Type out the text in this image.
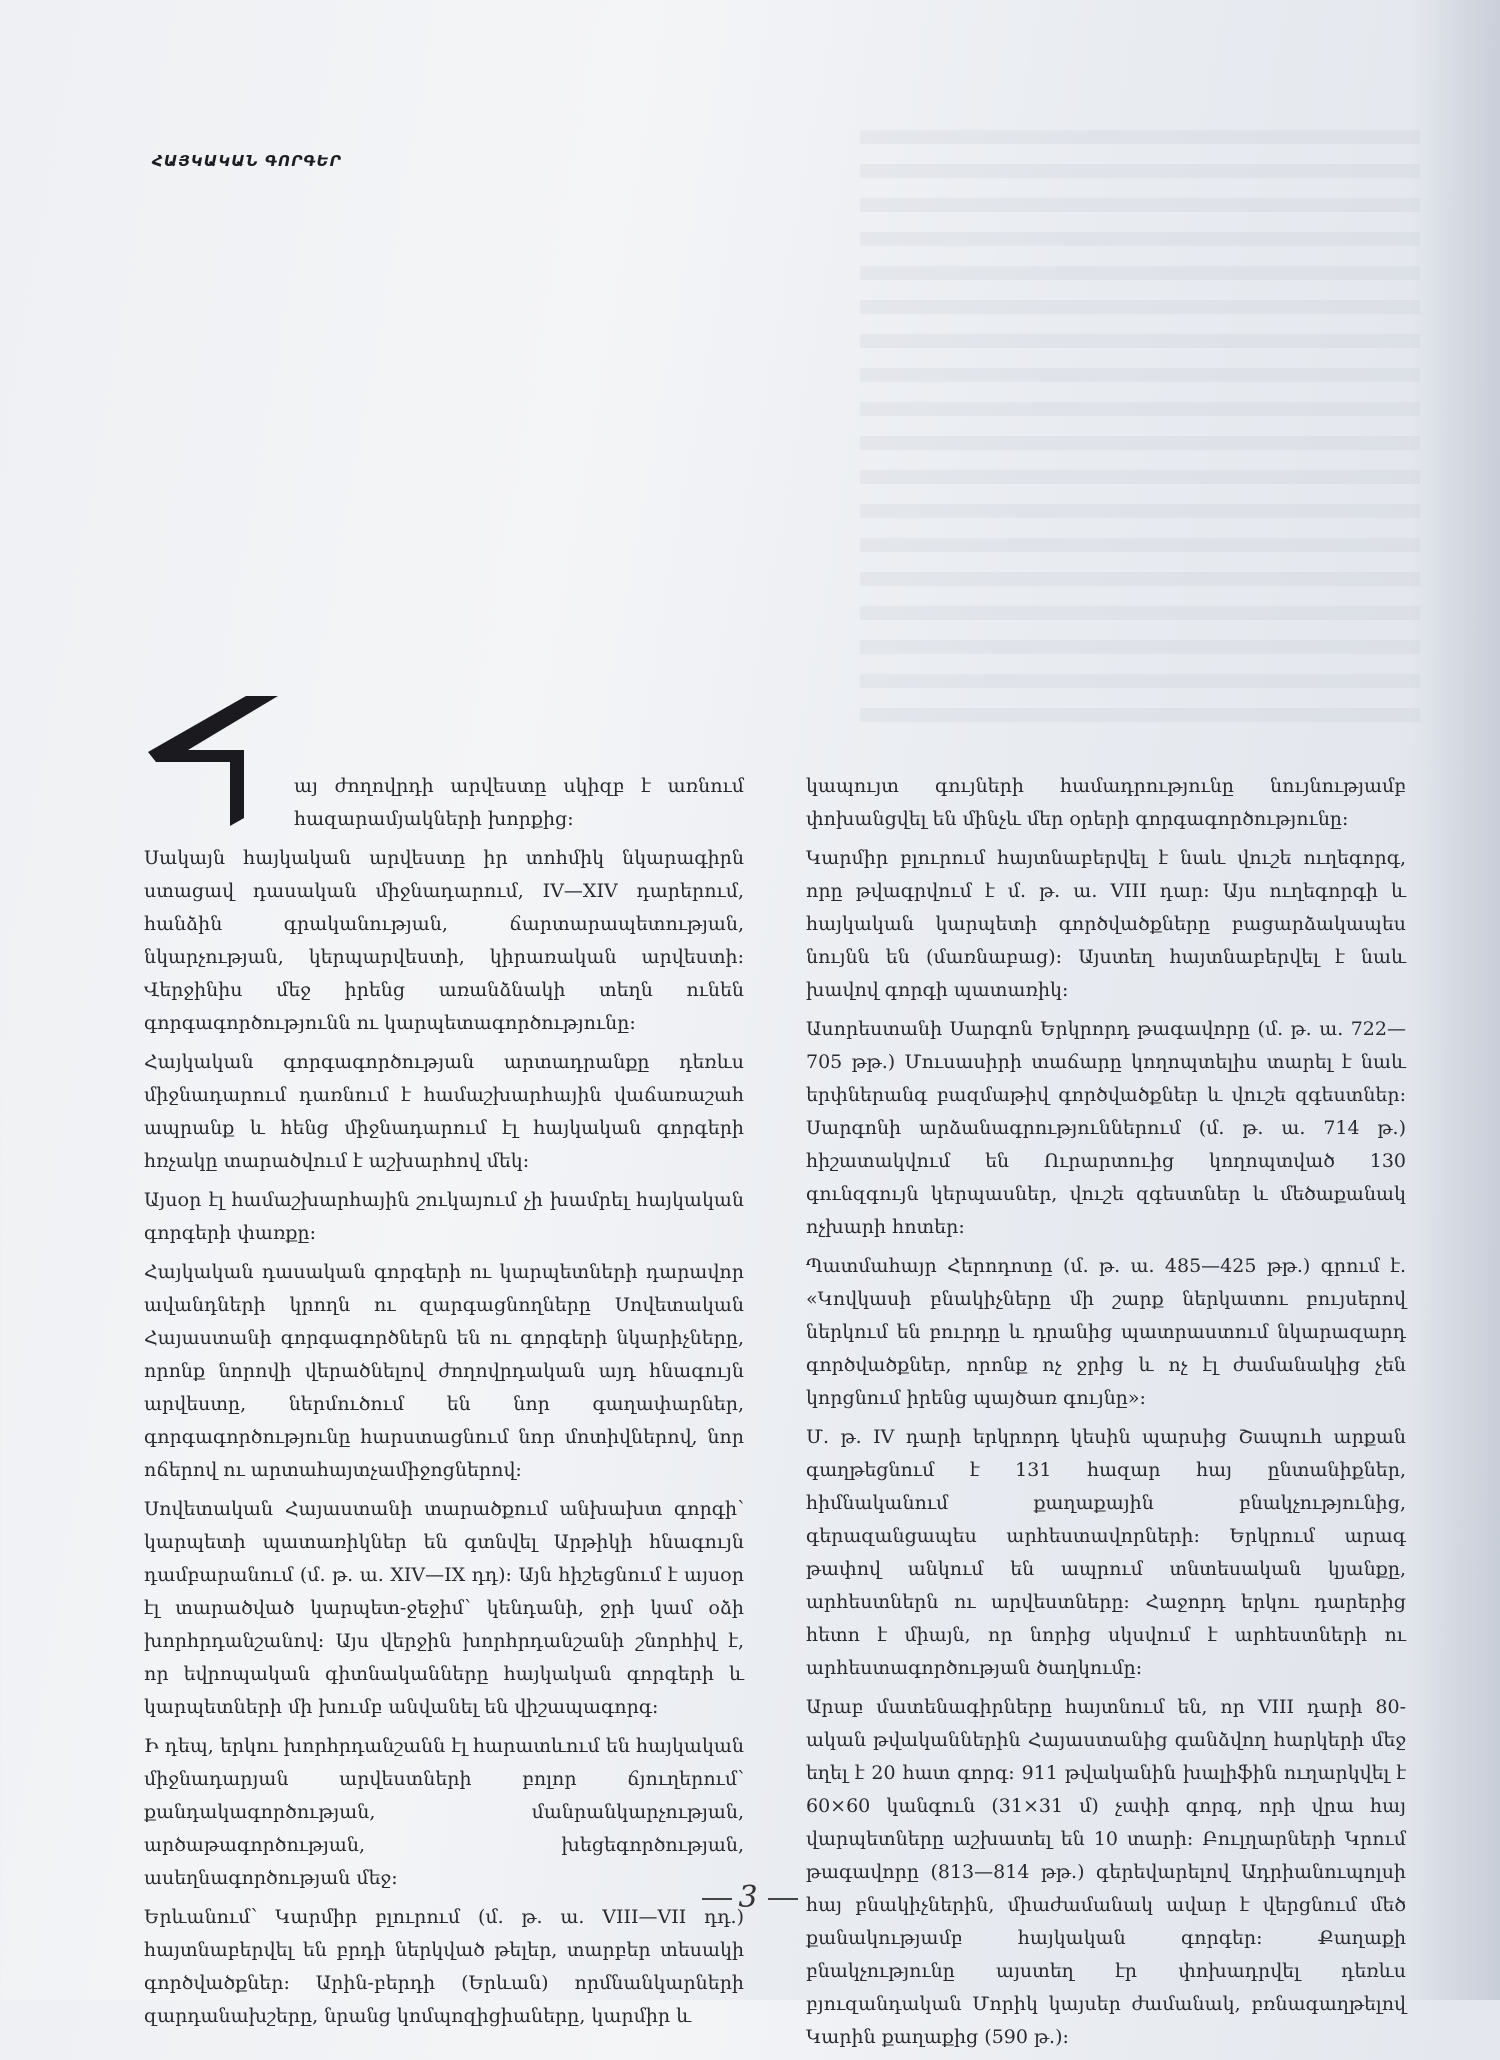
ՀԱՅԿԱԿԱՆ ԳՈՐԳԵՐ

այ ժողովրդի արվեստը սկիզբ է առնում հազարամյակների խորքից:

Սակայն հայկական արվեստը իր տոհմիկ նկարագիրն ստացավ դասական միջնադարում, IV—XIV դարերում, հանձին գրականության, ճարտարապետության, նկարչության, կերպարվեստի, կիրառական արվեստի: Վերջինիս մեջ իրենց առանձնակի տեղն ունեն գորգագործությունն ու կարպետագործությունը:

Հայկական գորգագործության արտադրանքը դեռևս միջնադարում դառնում է համաշխարհային վաճառաշահ ապրանք և հենց միջնադարում էլ հայկական գորգերի հռչակը տարածվում է աշխարհով մեկ:

Այսօր էլ համաշխարհային շուկայում չի խամրել հայկական գորգերի փառքը:

Հայկական դասական գորգերի ու կարպետների դարավոր ավանդների կրողն ու զարգացնողները Սովետական Հայաստանի գորգագործներն են ու գորգերի նկարիչները, որոնք նորովի վերածնելով ժողովրդական այդ հնագույն արվեստը, ներմուծում են նոր գաղափարներ, գորգագործությունը հարստացնում նոր մոտիվներով, նոր ոճերով ու արտահայտչամիջոցներով:

Սովետական Հայաստանի տարածքում անխախտ գորգի՝ կարպետի պատառիկներ են գտնվել Արթիկի հնագույն դամբարանում (մ. թ. ա. XIV—IX դդ): Այն հիշեցնում է այսօր էլ տարածված կարպետ-ջեջիմ՝ կենդանի, ջրի կամ օձի խորհրդանշանով: Այս վերջին խորհրդանշանի շնորհիվ է, որ եվրոպական գիտնականները հայկական գորգերի և կարպետների մի խումբ անվանել են վիշապագորգ:

Ի դեպ, երկու խորհրդանշանն էլ հարատևում են հայկական միջնադարյան արվեստների բոլոր ճյուղերում՝ քանդակագործության, մանրանկարչության, արծաթագործության, խեցեգործության, ասեղնագործության մեջ:

Երևանում՝ Կարմիր բլուրում (մ. թ. ա. VIII—VII դդ.) հայտնաբերվել են բրդի ներկված թելեր, տարբեր տեսակի գործվածքներ: Արին-բերդի (Երևան) որմնանկարների զարդանախշերը, նրանց կոմպոզիցիաները, կարմիր և

կապույտ գույների համադրությունը նույնությամբ փոխանցվել են մինչև մեր օրերի գորգագործությունը:

Կարմիր բլուրում հայտնաբերվել է նաև վուշե ուղեգորգ, որը թվագրվում է մ. թ. ա. VIII դար: Այս ուղեգորգի և հայկական կարպետի գործվածքները բացարձակապես նույնն են (մառնաբաց): Այստեղ հայտնաբերվել է նաև խավով գորգի պատառիկ:

Ասորեստանի Սարգոն Երկրորդ թագավորը (մ. թ. ա. 722—705 թթ.) Մուսասիրի տաճարը կողոպտելիս տարել է նաև երփներանգ բազմաթիվ գործվածքներ և վուշե զգեստներ: Սարգոնի արձանագրություններում (մ. թ. ա. 714 թ.) հիշատակվում են Ուրարտուից կողոպտված 130 գունզգույն կերպասներ, վուշե զգեստներ և մեծաքանակ ոչխարի հոտեր:

Պատմահայր Հերոդոտը (մ. թ. ա. 485—425 թթ.) գրում է. «Կովկասի բնակիչները մի շարք ներկատու բույսերով ներկում են բուրդը և դրանից պատրաստում նկարազարդ գործվածքներ, որոնք ոչ ջրից և ոչ էլ ժամանակից չեն կորցնում իրենց պայծառ գույնը»:

Մ. թ. IV դարի երկրորդ կեսին պարսից Շապուհ արքան գաղթեցնում է 131 հազար հայ ընտանիքներ, հիմնականում քաղաքային բնակչությունից, գերազանցապես արհեստավորների: Երկրում արագ թափով անկում են ապրում տնտեսական կյանքը, արհեստներն ու արվեստները: Հաջորդ երկու դարերից հետո է միայն, որ նորից սկսվում է արհեստների ու արհեստագործության ծաղկումը:

Արաբ մատենագիրները հայտնում են, որ VIII դարի 80-ական թվականներին Հայաստանից գանձվող հարկերի մեջ եղել է 20 հատ գորգ: 911 թվականին խալիֆին ուղարկվել է 60×60 կանգուն (31×31 մ) չափի գորգ, որի վրա հայ վարպետները աշխատել են 10 տարի: Բուլղարների Կրում թագավորը (813—814 թթ.) գերեվարելով Ադրիանուպոլսի հայ բնակիչներին, միաժամանակ ավար է վերցնում մեծ քանակությամբ հայկական գորգեր: Քաղաքի բնակչությունը այստեղ էր փոխադրվել դեռևս բյուզանդական Մորիկ կայսեր ժամանակ, բռնագաղթելով Կարին քաղաքից (590 թ.):

3
